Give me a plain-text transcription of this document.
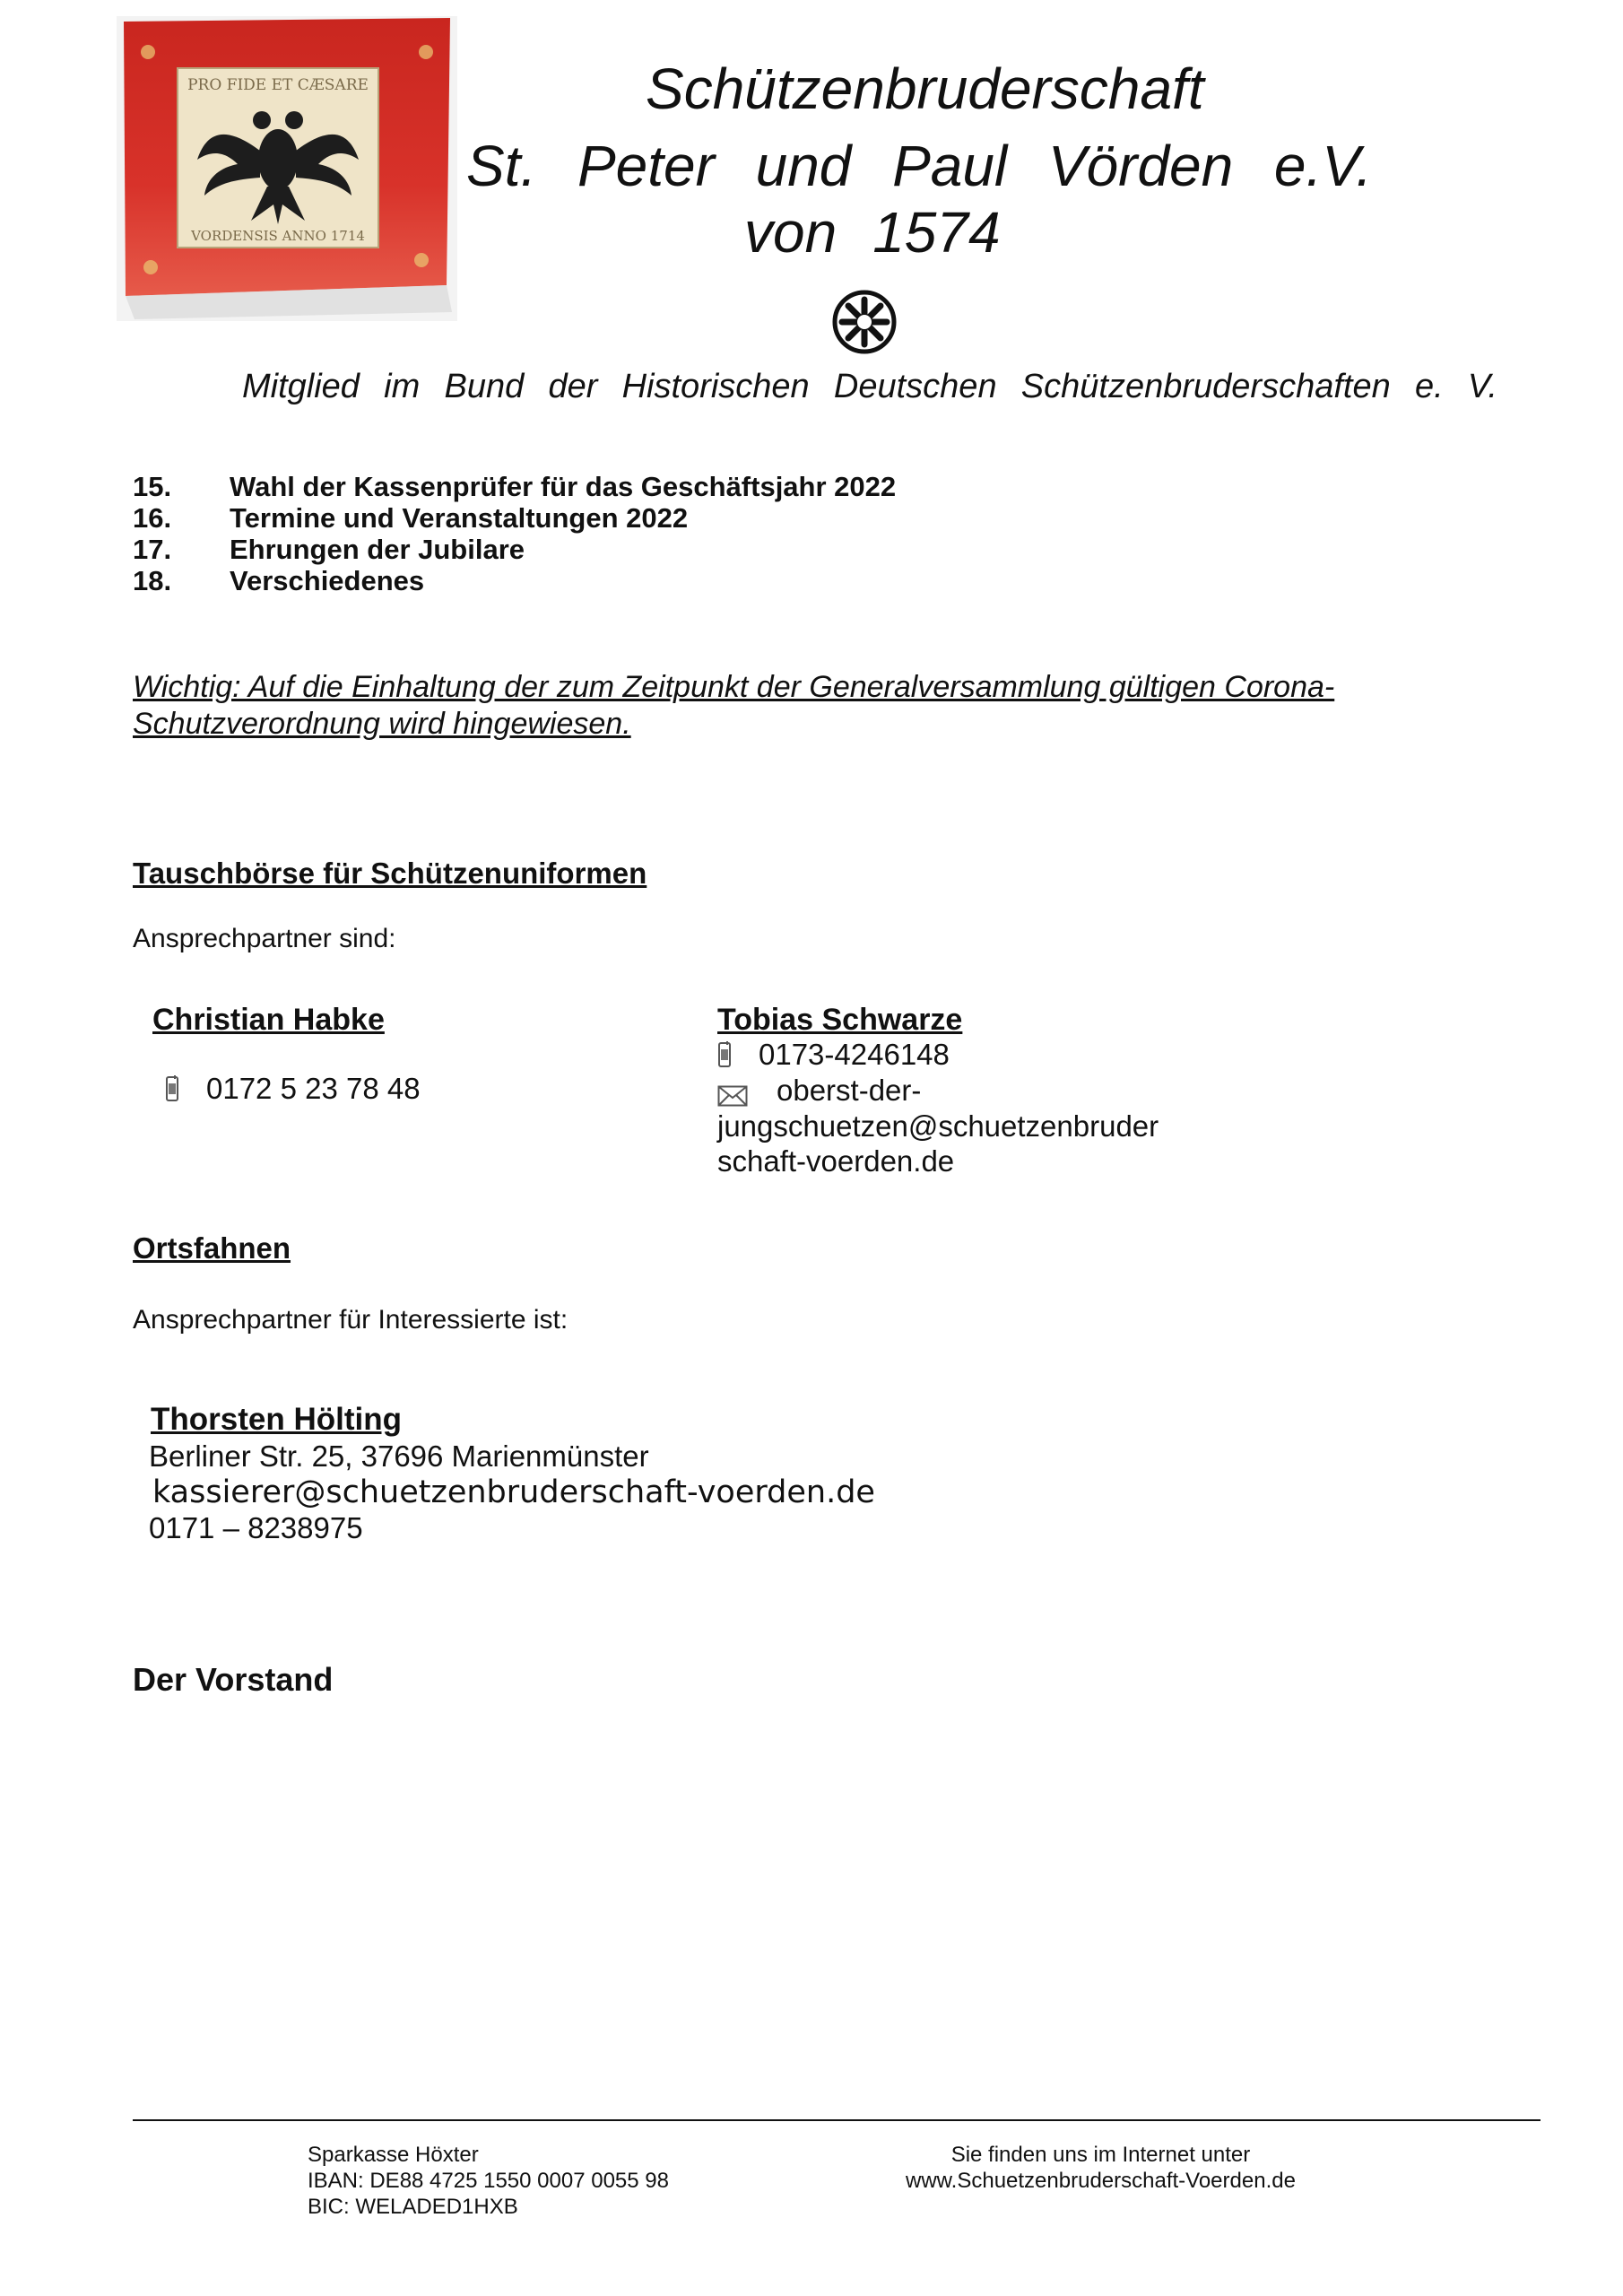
PRO FIDE ET CÆSARE
VORDENSIS ANNO 1714
Schützenbruderschaft
St. Peter und Paul Vörden e.V.
von 1574
Mitglied im Bund der Historischen Deutschen Schützenbruderschaften e. V.
15.	Wahl der Kassenprüfer für das Geschäftsjahr 2022
16.	Termine und Veranstaltungen 2022
17.	Ehrungen der Jubilare
18.	Verschiedenes
Wichtig: Auf die Einhaltung der zum Zeitpunkt der Generalversammlung gültigen Corona-
Schutzverordnung wird hingewiesen.
Tauschbörse für Schützenuniformen
Ansprechpartner sind:
Christian Habke
0172 5 23 78 48
Tobias Schwarze
0173-4246148
oberst-der-
jungschuetzen@schuetzenbruder
schaft-voerden.de
Ortsfahnen
Ansprechpartner für Interessierte ist:
Thorsten Hölting
Berliner Str. 25, 37696 Marienmünster
kassierer@schuetzenbruderschaft-voerden.de
0171 – 8238975
Der Vorstand
Sparkasse Höxter
IBAN: DE88 4725 1550 0007 0055 98
BIC: WELADED1HXB
Sie finden uns im Internet unter
www.Schuetzenbruderschaft-Voerden.de
